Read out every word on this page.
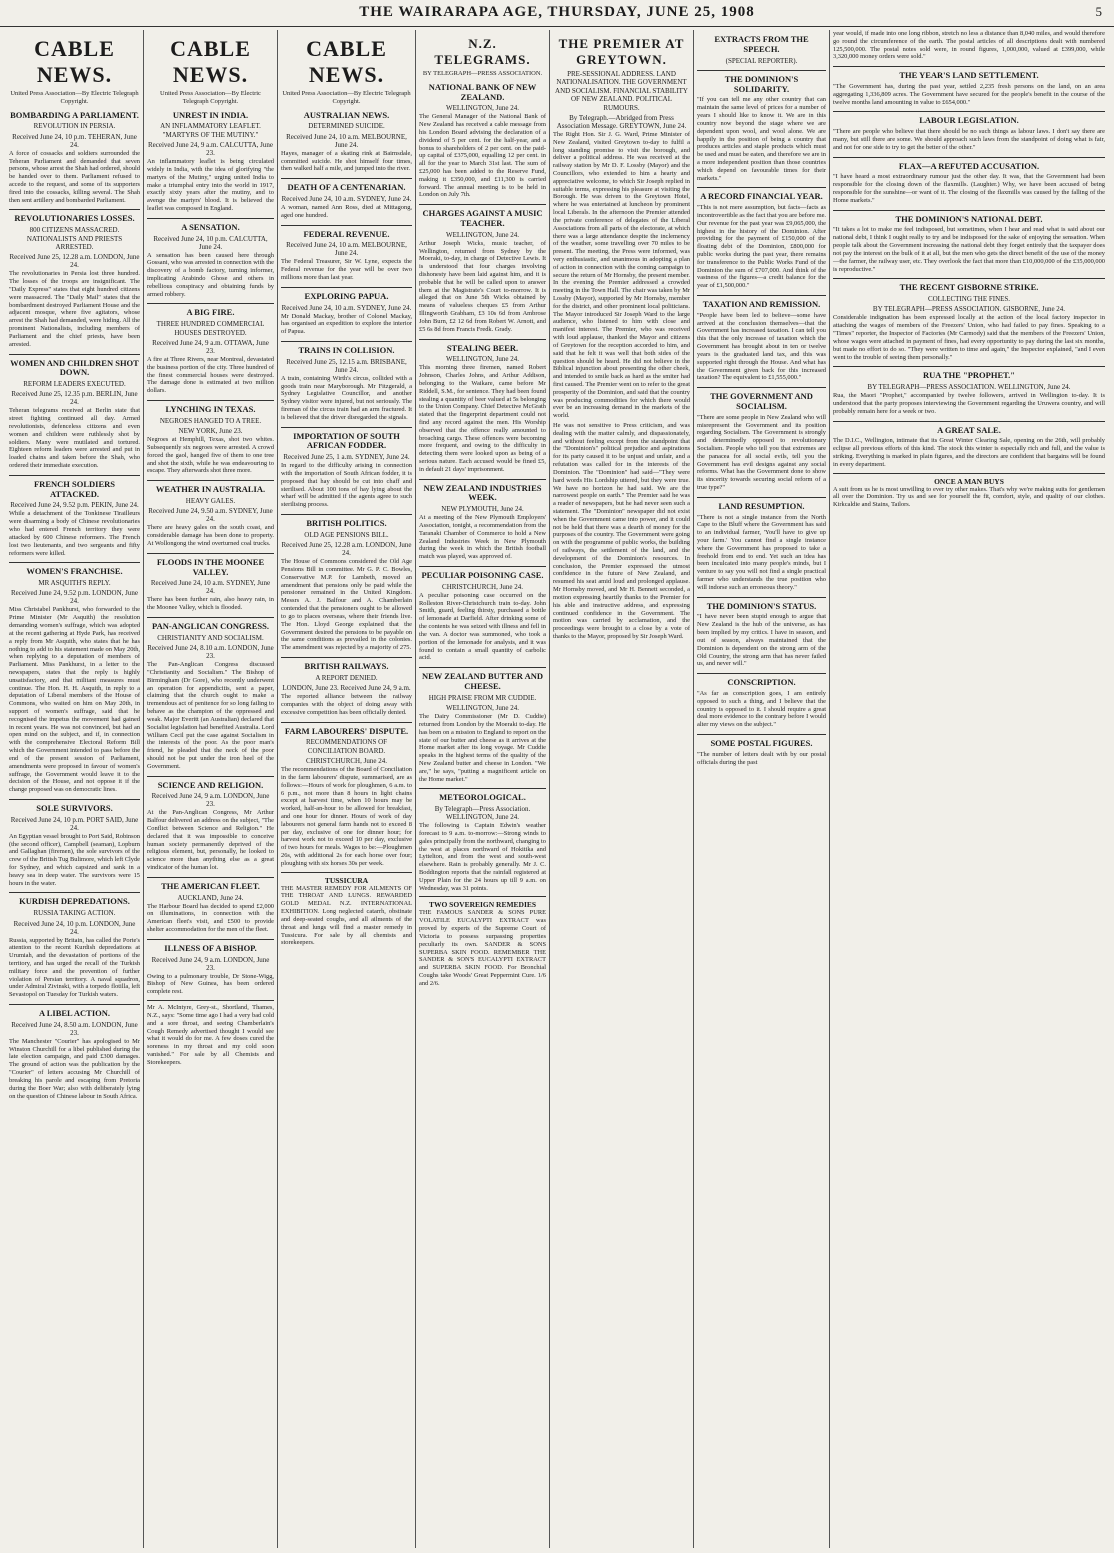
THE WAIRARAPA AGE, THURSDAY, JUNE 25, 1908	5
CABLE NEWS.
United Press Association—By Electric Telegraph Copyright.
BOMBARDING A PARLIAMENT.
REVOLUTION IN PERSIA.
Received June 24, 10 p.m. TEHERAN, June 24.

A force of cossacks and soldiers surrounded the Teheran Parliament and demanded that seven persons, whose arrest the Shah had ordered, should be handed over to them. Parliament refused to accede to the request, and some of its supporters fired into the cossacks, killing several. The Shah then sent artillery and bombarded Parliament.

REVOLUTIONARIES LOSSES.
800 CITIZENS MASSACRED. NATIONALISTS AND PRIESTS ARRESTED.
Received June 25, 12.28 a.m. LONDON, June 24.

The revolutionaries in Persia lost three hundred. The losses of the troops are insignificant. The "Daily Express" states that eight hundred citizens were massacred. The "Daily Mail" states that the bombardment destroyed Parliament House and the adjacent mosque, where five agitators, whose arrest the Shah had demanded, were hiding. All the prominent Nationalists, including members of Parliament and the chief priests, have been arrested.

WOMEN AND CHILDREN SHOT DOWN.
REFORM LEADERS EXECUTED.
Received June 25, 12.35 p.m. BERLIN, June 24.

Teheran telegrams received at Berlin state that street fighting continued all day. Armed revolutionists, defenceless citizens and even women and children were ruthlessly shot by soldiers. Many were mutilated and tortured. Eighteen reform leaders were arrested and put in loaded chains and taken before the Shah, who ordered their immediate execution.

FRENCH SOLDIERS ATTACKED.
Received June 24, 9.52 p.m. PEKIN, June 24.

While a detachment of the Tonkinese Tirailleurs were disarming a body of Chinese revolutionaries who had entered French territory they were attacked by 600 Chinese reformers. The French lost two lieutenants, and two sergeants and fifty reformers were killed.

WOMEN'S FRANCHISE.
MR ASQUITH'S REPLY.
Received June 24, 9.52 p.m. LONDON, June 24.

Miss Christabel Pankhurst, who forwarded to the Prime Minister (Mr Asquith) the resolution demanding women's suffrage, which was adopted at the recent gathering at Hyde Park, has received a reply from Mr Asquith, who states that he has nothing to add to his statement made on May 20th, when replying to a deputation of members of Parliament. Miss Pankhurst, in a letter to the newspapers, states that the reply is highly unsatisfactory, and that militant measures must continue. The Hon. H. H. Asquith, in reply to a deputation of Liberal members of the House of Commons, who waited on him on May 20th, in support of women's suffrage, said that he recognised the impetus the movement had gained in recent years. He was not convinced, but had an open mind on the subject, and if, in connection with the comprehensive Electoral Reform Bill which the Government intended to pass before the end of the present session of Parliament, amendments were proposed in favour of women's suffrage, the Government would leave it to the decision of the House, and not oppose it if the change proposed was on democratic lines.

SOLE SURVIVORS.
Received June 24, 10 p.m. PORT SAID, June 24.

An Egyptian vessel brought to Port Said, Robinson (the second officer), Campbell (seaman), Lopburn and Gallaghan (firemen), the sole survivors of the crew of the British Tug Bulimore, which left Clyde for Sydney, and which capsized and sank in a heavy sea in deep water. The survivors were 15 hours in the water.

KURDISH DEPREDATIONS.
RUSSIA TAKING ACTION.
Received June 24, 10 p.m. LONDON, June 24.

Russia, supported by Britain, has called the Porte's attention to the recent Kurdish depredations at Urumiah, and the devastation of portions of the territory, and has urged the recall of the Turkish military force and the prevention of further violation of Persian territory. A naval squadron, under Admiral Zivinski, with a torpedo flotilla, left Sevastopol on Tuesday for Turkish waters.

A LIBEL ACTION.
Received June 24, 8.50 a.m. LONDON, June 23.

The Manchester "Courier" has apologised to Mr Winston Churchill for a libel published during the late election campaign, and paid £300 damages. The ground of action was the publication by the "Courier" of letters accusing Mr Churchill of breaking his parole and escaping from Pretoria during the Boer War; also with deliberately lying on the question of Chinese labour in South Africa.

CABLE NEWS.
United Press Association—By Electric Telegraph Copyright.
UNREST IN INDIA.
AN INFLAMMATORY LEAFLET. "MARTYRS OF THE MUTINY."
Received June 24, 9 a.m. CALCUTTA, June 23.

An inflammatory leaflet is being circulated widely in India, with the idea of glorifying "the martyrs of the Mutiny," urging united India to make a triumphal entry into the world in 1917, exactly sixty years after the mutiny, and to avenge the martyrs' blood. It is believed the leaflet was composed in England.

A SENSATION.
Received June 24, 10 p.m. CALCUTTA, June 24.

A sensation has been caused here through Gossani, who was arrested in connection with the discovery of a bomb factory, turning informer, implicating Arabindo Ghose and others in rebellious conspiracy and obtaining funds by armed robbery.

A BIG FIRE.
THREE HUNDRED COMMERCIAL HOUSES DESTROYED.
Received June 24, 9 a.m. OTTAWA, June 23.

A fire at Three Rivers, near Montreal, devastated the business portion of the city. Three hundred of the finest commercial houses were destroyed. The damage done is estimated at two million dollars.

LYNCHING IN TEXAS.
NEGROES HANGED TO A TREE.
NEW YORK, June 23.

Negroes at Hemphill, Texas, shot two whites. Subsequently six negroes were arrested. A crowd forced the gaol, hanged five of them to one tree and shot the sixth, while he was endeavouring to escape. They afterwards shot three more.

WEATHER IN AUSTRALIA.
HEAVY GALES.
Received June 24, 9.50 a.m. SYDNEY, June 24.

There are heavy gales on the south coast, and considerable damage has been done to property. At Wollongong the wind overturned coal trucks.

FLOODS IN THE MOONEE VALLEY.
Received June 24, 10 a.m. SYDNEY, June 24.

There has been further rain, also heavy rain, in the Moonee Valley, which is flooded.

PAN-ANGLICAN CONGRESS.
CHRISTIANITY AND SOCIALISM.
Received June 24, 8.10 a.m. LONDON, June 23.

The Pan-Anglican Congress discussed "Christianity and Socialism." The Bishop of Birmingham (Dr Gore), who recently underwent an operation for appendicitis, sent a paper, claiming that the church ought to make a tremendous act of penitence for so long failing to behave as the champion of the oppressed and weak. Major Everitt (an Australian) declared that Socialist legislation had benefited Australia. Lord William Cecil put the case against Socialism in the interests of the poor. As the poor man's friend, he pleaded that the neck of the poor should not be put under the iron heel of the Government.

SCIENCE AND RELIGION.
Received June 24, 9 a.m. LONDON, June 23.

At the Pan-Anglican Congress, Mr Arthur Balfour delivered an address on the subject, "The Conflict between Science and Religion." He declared that it was impossible to conceive human society permanently deprived of the religious element, but, personally, he looked to science more than anything else as a great vindicator of the human lot.

THE AMERICAN FLEET.
AUCKLAND, June 24.

The Harbour Board has decided to spend £2,000 on illuminations, in connection with the American fleet's visit, and £500 to provide shelter accommodation for the men of the fleet.

ILLNESS OF A BISHOP.
Received June 24, 9 a.m. LONDON, June 23.

Owing to a pulmonary trouble, Dr Stone-Wigg, Bishop of New Guinea, has been ordered complete rest.

Mr A. McIntyre, Grey-st., Shortland, Thames, N.Z., says: "Some time ago I had a very bad cold and a sore throat, and seeing Chamberlain's Cough Remedy advertised thought I would see what it would do for me. A few doses cured the soreness in my throat and my cold soon vanished." For sale by all Chemists and Storekeepers.

CABLE NEWS.
United Press Association—By Electric Telegraph Copyright.
AUSTRALIAN NEWS.
DETERMINED SUICIDE.
Received June 24, 10 a.m. MELBOURNE, June 24.

Hayes, manager of a skating rink at Bairnsdale, committed suicide. He shot himself four times, then walked half a mile, and jumped into the river.

DEATH OF A CENTENARIAN.
Received June 24, 10 a.m. SYDNEY, June 24.

A woman, named Ann Ross, died at Mittagong, aged one hundred.

FEDERAL REVENUE.
Received June 24, 10 a.m. MELBOURNE, June 24.

The Federal Treasurer, Sir W. Lyne, expects the Federal revenue for the year will be over two millions more than last year.

EXPLORING PAPUA.
Received June 24, 10 a.m. SYDNEY, June 24.

Mr Donald Mackay, brother of Colonel Mackay, has organised an expedition to explore the interior of Papua.

TRAINS IN COLLISION.
Received June 25, 12.15 a.m. BRISBANE, June 24.

A train, containing Wirth's circus, collided with a goods train near Maryborough. Mr Fitzgerald, a Sydney Legislative Councillor, and another Sydney visitor were injured, but not seriously. The fireman of the circus train had an arm fractured. It is believed that the driver disregarded the signals.

IMPORTATION OF SOUTH AFRICAN FODDER.
Received June 25, 1 a.m. SYDNEY, June 24.

In regard to the difficulty arising in connection with the importation of South African fodder, it is proposed that hay should be cut into chaff and sterilised. About 100 tons of hay lying about the wharf will be admitted if the agents agree to such sterilising process.

BRITISH POLITICS.
OLD AGE PENSIONS BILL.
Received June 25, 12.28 a.m. LONDON, June 24.

The House of Commons considered the Old Age Pensions Bill in committee. Mr G. P. C. Bowles, Conservative M.P. for Lambeth, moved an amendment that pensions only be paid while the pensioner remained in the United Kingdom. Messrs A. J. Balfour and A. Chamberlain contended that the pensioners ought to be allowed to go to places overseas, where their friends live. The Hon. Lloyd George explained that the Government desired the pensions to be payable on the same conditions as prevailed in the colonies. The amendment was rejected by a majority of 275.

BRITISH RAILWAYS.
A REPORT DENIED.
LONDON, June 23. Received June 24, 9 a.m.

The reported alliance between the railway companies with the object of doing away with excessive competition has been officially denied.

FARM LABOURERS' DISPUTE.
RECOMMENDATIONS OF CONCILIATION BOARD.
CHRISTCHURCH, June 24.

The recommendations of the Board of Conciliation in the farm labourers' dispute, summarised, are as follows:—Hours of work for ploughmen, 6 a.m. to 6 p.m., not more than 8 hours in light chains except at harvest time, when 10 hours may be worked, half-an-hour to be allowed for breakfast, and one hour for dinner. Hours of work of day labourers not general farm hands not to exceed 8 per day, exclusive of one for dinner hour; for harvest work not to exceed 10 per day, exclusive of two hours for meals. Wages to be:—Ploughmen 26s, with additional 2s for each horse over four; ploughing with six horses 30s per week.

TUSSICURA

THE MASTER REMEDY FOR AILMENTS OF THE THROAT AND LUNGS. REWARDED GOLD MEDAL N.Z. INTERNATIONAL EXHIBITION. Long neglected catarrh, obstinate and deep-seated coughs, and all ailments of the throat and lungs will find a master remedy in Tussicura. For sale by all chemists and storekeepers.

N.Z. TELEGRAMS.
BY TELEGRAPH—PRESS ASSOCIATION.
NATIONAL BANK OF NEW ZEALAND.
WELLINGTON, June 24.

The General Manager of the National Bank of New Zealand has received a cable message from his London Board advising the declaration of a dividend of 5 per cent. for the half-year, and a bonus to shareholders of 2 per cent. on the paid-up capital of £375,000, equalling 12 per cent. in all for the year to March 31st last. The sum of £25,000 has been added to the Reserve Fund, making it £350,000, and £11,300 is carried forward. The annual meeting is to be held in London on July 7th.

CHARGES AGAINST A MUSIC TEACHER.
WELLINGTON, June 24.

Arthur Joseph Wicks, music teacher, of Wellington, returned from Sydney by the Moeraki, to-day, in charge of Detective Lewis. It is understood that four charges involving dishonesty have been laid against him, and it is probable that he will be called upon to answer them at the Magistrate's Court to-morrow. It is alleged that on June 5th Wicks obtained by means of valueless cheques £5 from Arthur Illingworth Grabham, £3 10s 6d from Ambrose John Burn, £2 12 6d from Robert W. Arnott, and £5 6s 8d from Francis Fredk. Grady.

STEALING BEER.
WELLINGTON, June 24.

This morning three firemen, named Robert Johnson, Charles Johns, and Arthur Addison, belonging to the Waikare, came before Mr Riddell, S.M., for sentence. They had been found stealing a quantity of beer valued at 5s belonging to the Union Company. Chief Detective McGrath stated that the fingerprint department could not find any record against the men. His Worship observed that the offence really amounted to broaching cargo. These offences were becoming more frequent, and owing to the difficulty in detecting them were looked upon as being of a serious nature. Each accused would be fined £5, in default 21 days' imprisonment.

NEW ZEALAND INDUSTRIES WEEK.
NEW PLYMOUTH, June 24.

At a meeting of the New Plymouth Employers' Association, tonight, a recommendation from the Taranaki Chamber of Commerce to hold a New Zealand Industries Week in New Plymouth during the week in which the British football match was played, was approved of.

PECULIAR POISONING CASE.
CHRISTCHURCH, June 24.

A peculiar poisoning case occurred on the Rolleston River-Christchurch train to-day. John Smith, guard, feeling thirsty, purchased a bottle of lemonade at Darfield. After drinking some of the contents he was seized with illness and fell in the van. A doctor was summoned, who took a portion of the lemonade for analysis, and it was found to contain a small quantity of carbolic acid.

NEW ZEALAND BUTTER AND CHEESE.
HIGH PRAISE FROM MR CUDDIE.
WELLINGTON, June 24.

The Dairy Commissioner (Mr D. Cuddie) returned from London by the Moeraki to-day. He has been on a mission to England to report on the state of our butter and cheese as it arrives at the Home market after its long voyage. Mr Cuddie speaks in the highest terms of the quality of the New Zealand butter and cheese in London. "We are," he says, "putting a magnificent article on the Home market."

METEOROLOGICAL.
By Telegraph—Press Association. WELLINGTON, June 24.

The following is Captain Edwin's weather forecast to 9 a.m. to-morrow:—Strong winds to gales principally from the northward, changing to the west at places northward of Hokitika and Lyttelton, and from the west and south-west elsewhere. Rain is probably generally. Mr J. C. Boddington reports that the rainfall registered at Upper Plain for the 24 hours up till 9 a.m. on Wednesday, was 31 points.

TWO SOVEREIGN REMEDIES

THE FAMOUS SANDER & SONS PURE VOLATILE EUCALYPTI EXTRACT was proved by experts of the Supreme Court of Victoria to possess surpassing properties peculiarly its own. SANDER & SONS SUPERBA SKIN FOOD. REMEMBER THE SANDER & SON'S EUCALYPTI EXTRACT and SUPERBA SKIN FOOD. For Bronchial Coughs take Woods' Great Peppermint Cure. 1/6 and 2/6.

THE PREMIER AT GREYTOWN.
PRE-SESSIONAL ADDRESS. LAND NATIONALISATION. THE GOVERNMENT AND SOCIALISM. FINANCIAL STABILITY OF NEW ZEALAND. POLITICAL RUMOURS.
By Telegraph.—Abridged from Press Association Message. GREYTOWN, June 24.

The Right Hon. Sir J. G. Ward, Prime Minister of New Zealand, visited Greytown to-day to fulfil a long standing promise to visit the borough, and deliver a political address. He was received at the railway station by Mr D. F. Lossby (Mayor) and the Councillors, who extended to him a hearty and appreciative welcome, to which Sir Joseph replied in suitable terms, expressing his pleasure at visiting the Borough. He was driven to the Greytown Hotel, where he was entertained at luncheon by prominent local Liberals. In the afternoon the Premier attended the private conference of delegates of the Liberal Associations from all parts of the electorate, at which there was a large attendance despite the inclemency of the weather, some travelling over 70 miles to be present. The meeting, the Press were informed, was very enthusiastic, and unanimous in adopting a plan of action in connection with the coming campaign to secure the return of Mr Hornsby, the present member. In the evening the Premier addressed a crowded meeting in the Town Hall. The chair was taken by Mr Lossby (Mayor), supported by Mr Hornsby, member for the district, and other prominent local politicians. The Mayor introduced Sir Joseph Ward to the large audience, who listened to him with close and manifest interest. The Premier, who was received with loud applause, thanked the Mayor and citizens of Greytown for the reception accorded to him, and said that he felt it was well that both sides of the question should be heard. He did not believe in the Biblical injunction about presenting the other cheek, and intended to smile back as hard as the smiter had first caused. The Premier went on to refer to the great prosperity of the Dominion, and said that the country was producing commodities for which there would ever be an increasing demand in the markets of the world.

He was not sensitive to Press criticism, and was dealing with the matter calmly, and dispassionately, and without feeling except from the standpoint that the "Dominion's" political prejudice and aspirations for its party caused it to be unjust and unfair, and a refutation was called for in the interests of the Dominion. The "Dominion" had said—"They were hard words His Lordship uttered, but they were true. We have no horizon he had said. We are the narrowest people on earth." The Premier said he was a reader of newspapers, but he had never seen such a statement. The "Dominion" newspaper did not exist when the Government came into power, and it could not be held that there was a dearth of money for the purposes of the country. The Government were going on with the programme of public works, the building of railways, the settlement of the land, and the development of the Dominion's resources. In conclusion, the Premier expressed the utmost confidence in the future of New Zealand, and resumed his seat amid loud and prolonged applause. Mr Hornsby moved, and Mr H. Bennett seconded, a motion expressing heartily thanks to the Premier for his able and instructive address, and expressing continued confidence in the Government. The motion was carried by acclamation, and the proceedings were brought to a close by a vote of thanks to the Mayor, proposed by Sir Joseph Ward.

EXTRACTS FROM THE SPEECH.
(SPECIAL REPORTER).
THE DOMINION'S SOLIDARITY.

"If you can tell me any other country that can maintain the same level of prices for a number of years I should like to know it. We are in this country now beyond the stage where we are dependent upon wool, and wool alone. We are happily in the position of being a country that produces articles and staple products which must be used and must be eaten, and therefore we are in a more independent position than those countries which depend on favourable times for their markets."

A RECORD FINANCIAL YEAR.

"This is not mere assumption, but facts—facts as incontrovertible as the fact that you are before me. Our revenue for the past year was £9,065,000, the highest in the history of the Dominion. After providing for the payment of £150,000 of the floating debt of the Dominion, £800,000 for public works during the past year, there remains for transference to the Public Works Fund of the Dominion the sum of £707,000. And think of the vastness of the figures—a credit balance for the year of £1,500,000."

TAXATION AND REMISSION.

"People have been led to believe—some have arrived at the conclusion themselves—that the Government has increased taxation. I can tell you this that the only increase of taxation which the Government has brought about in ten or twelve years is the graduated land tax, and this was supported right through the House. And what has the Government given back for this increased taxation? The equivalent to £1,555,000."

THE GOVERNMENT AND SOCIALISM.

"There are some people in New Zealand who will misrepresent the Government and its position regarding Socialism. The Government is strongly and determinedly opposed to revolutionary Socialism. People who tell you that extremes are the panacea for all social evils, tell you the Government has evil designs against any social reforms. What has the Government done to show its sincerity towards securing social reform of a true type?"

LAND RESUMPTION.

"There is not a single instance from the North Cape to the Bluff where the Government has said to an individual farmer, 'You'll have to give up your farm.' You cannot find a single instance where the Government has proposed to take a freehold from end to end. Yet such an idea has been inculcated into many people's minds, but I venture to say you will not find a single practical farmer who understands the true position who will indorse such an erroneous theory."

THE DOMINION'S STATUS.

"I have never been stupid enough to argue that New Zealand is the hub of the universe, as has been implied by my critics. I have in season, and out of season, always maintained that the Dominion is dependent on the strong arm of the Old Country, the strong arm that has never failed us, and never will."

CONSCRIPTION.

"As far as conscription goes, I am entirely opposed to such a thing, and I believe that the country is opposed to it. I should require a great deal more evidence to the contrary before I would alter my views on the subject."

SOME POSTAL FIGURES.

"The number of letters dealt with by our postal officials during the past

year would, if made into one long ribbon, stretch no less a distance than 8,040 miles, and would therefore go round the circumference of the earth. The postal articles of all descriptions dealt with numbered 125,500,000. The postal notes sold were, in round figures, 1,000,000, valued at £399,000, while 3,320,000 money orders were sold."

THE YEAR'S LAND SETTLEMENT.

"The Government has, during the past year, settled 2,235 fresh persons on the land, on an area aggregating 1,336,809 acres. The Government have secured for the people's benefit in the course of the twelve months land amounting in value to £654,000."

LABOUR LEGISLATION.

"There are people who believe that there should be no such things as labour laws. I don't say there are many, but still there are some. We should approach such laws from the standpoint of doing what is fair, and not for one side to try to get the better of the other."

FLAX—A REFUTED ACCUSATION.

"I have heard a most extraordinary rumour just the other day. It was, that the Government had been responsible for the closing down of the flaxmills. (Laughter.) Why, we have been accused of being responsible for the sunshine—or want of it. The closing of the flaxmills was caused by the falling of the Home markets."

THE DOMINION'S NATIONAL DEBT.

"It takes a lot to make me feel indisposed, but sometimes, when I hear and read what is said about our national debt, I think I ought really to try and be indisposed for the sake of enjoying the sensation. When people talk about the Government increasing the national debt they forget entirely that the taxpayer does not pay the interest on the bulk of it at all, but the men who gets the direct benefit of the use of the money—the farmer, the railway user, etc. They overlook the fact that more than £10,000,000 of the £35,000,000 is reproductive."

THE RECENT GISBORNE STRIKE.
COLLECTING THE FINES.
BY TELEGRAPH—PRESS ASSOCIATION. GISBORNE, June 24.

Considerable indignation has been expressed locally at the action of the local factory inspector in attaching the wages of members of the Freezers' Union, who had failed to pay fines. Speaking to a "Times" reporter, the Inspector of Factories (Mr Carmody) said that the members of the Freezers' Union, whose wages were attached in payment of fines, had every opportunity to pay during the last six months, but made no effort to do so. "They were written to time and again," the Inspector explained, "and I even went to the trouble of seeing them personally."

RUA THE "PROPHET."
BY TELEGRAPH—PRESS ASSOCIATION. WELLINGTON, June 24.

Rua, the Maori "Prophet," accompanied by twelve followers, arrived in Wellington to-day. It is understood that the party proposes interviewing the Government regarding the Uruwera country, and will probably remain here for a week or two.

A GREAT SALE.

The D.I.C., Wellington, intimate that its Great Winter Clearing Sale, opening on the 26th, will probably eclipse all previous efforts of this kind. The stock this winter is especially rich and full, and the value is striking. Everything is marked in plain figures, and the directors are confident that bargains will be found in every department.

ONCE A MAN BUYS

A suit from us he is most unwilling to ever try other makes. That's why we're making suits for gentlemen all over the Dominion. Try us and see for yourself the fit, comfort, style, and quality of our clothes. Kirkcaldie and Stains, Tailors.
